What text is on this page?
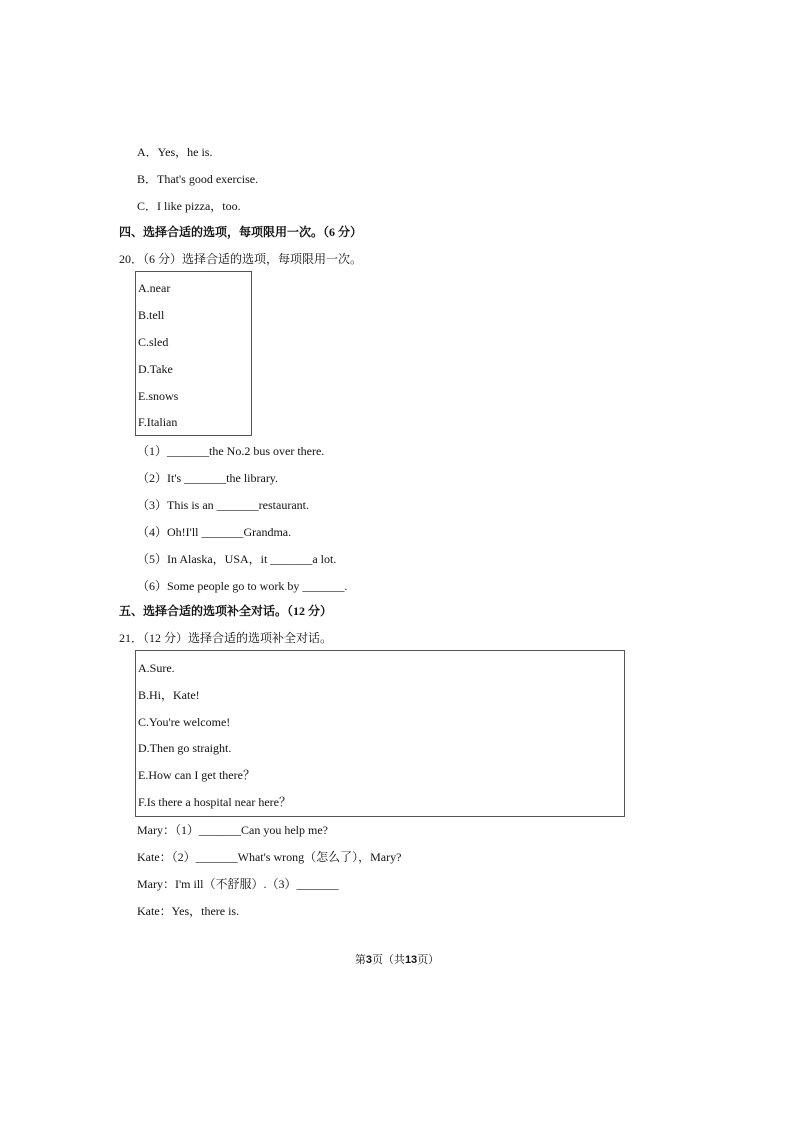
A．Yes，he is.
B．That's good exercise.
C．I like pizza，too.
四、选择合适的选项，每项限用一次。（6 分）
20．（6 分）选择合适的选项，每项限用一次。
A.near
B.tell
C.sled
D.Take
E.snows
F.Italian
（1）_______the No.2 bus over there.
（2）It's _______the library.
（3）This is an _______restaurant.
（4）Oh!I'll _______Grandma.
（5）In Alaska，USA，it _______a lot.
（6）Some people go to work by _______.
五、选择合适的选项补全对话。（12 分）
21．（12 分）选择合适的选项补全对话。
A.Sure.
B.Hi，Kate!
C.You're welcome!
D.Then go straight.
E.How can I get there？
F.Is there a hospital near here？
Mary：（1）_______Can you help me?
Kate：（2）_______What's wrong（怎么了），Mary?
Mary：I'm ill（不舒服）.（3）_______
Kate：Yes，there is.
第3页（共13页）
